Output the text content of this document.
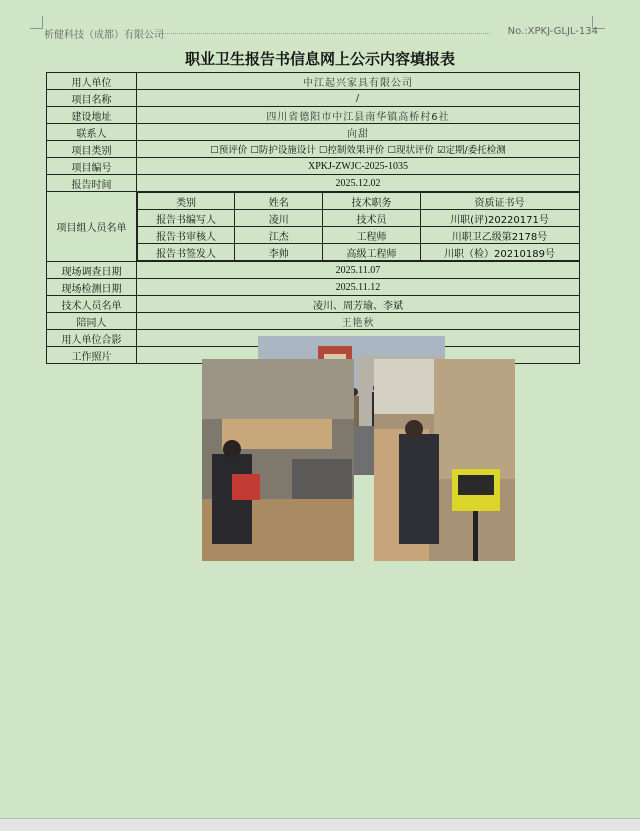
析健科技（成都）有限公司	No.:XPKJ-GLJL-134
职业卫生报告书信息网上公示内容填报表
用人单位	中江起兴家具有限公司
项目名称	/
建设地址	四川省德阳市中江县南华镇高桥村6社
联系人	向甜
项目类别	☐预评价 ☐防护设施设计 ☐控制效果评价 ☐现状评价 ☑定期/委托检测
项目编号	XPKJ-ZWJC-2025-1035
报告时间	2025.12.02
项目组人员名单	
类别	姓名	技术职务	资质证书号
报告书编写人	凌川	技术员	川职(评)20220171号
报告书审核人	江杰	工程师	川职卫乙级第2178号
报告书签发人	李帅	高级工程师	川职（检）20210189号

现场调查日期	2025.11.07
现场检测日期	2025.11.12
技术人员名单	凌川、周芳瑜、李斌
陪同人	王艳秋
用人单位合影	

工作照片	
